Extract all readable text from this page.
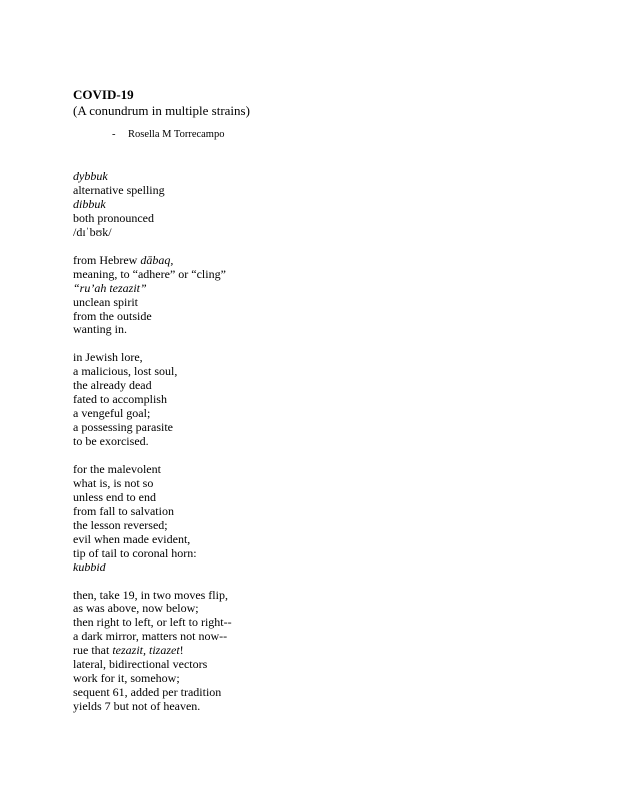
COVID-19

(A conundrum in multiple strains)

- Rosella M Torrecampo
dybbuk
alternative spelling
dibbuk
both pronounced
/dɪˈbʊk/
from Hebrew dābaq,
meaning, to “adhere” or “cling”
“ru’ah tezazit”
unclean spirit
from the outside
wanting in.
in Jewish lore,
a malicious, lost soul,
the already dead
fated to accomplish
a vengeful goal;
a possessing parasite
to be exorcised.
for the malevolent
what is, is not so
unless end to end
from fall to salvation
the lesson reversed;
evil when made evident,
tip of tail to coronal horn:
kubbid
then, take 19, in two moves flip,
as was above, now below;
then right to left, or left to right--
a dark mirror, matters not now--
rue that tezazit, tizazet!
lateral, bidirectional vectors
work for it, somehow;
sequent 61, added per tradition
yields 7 but not of heaven.
